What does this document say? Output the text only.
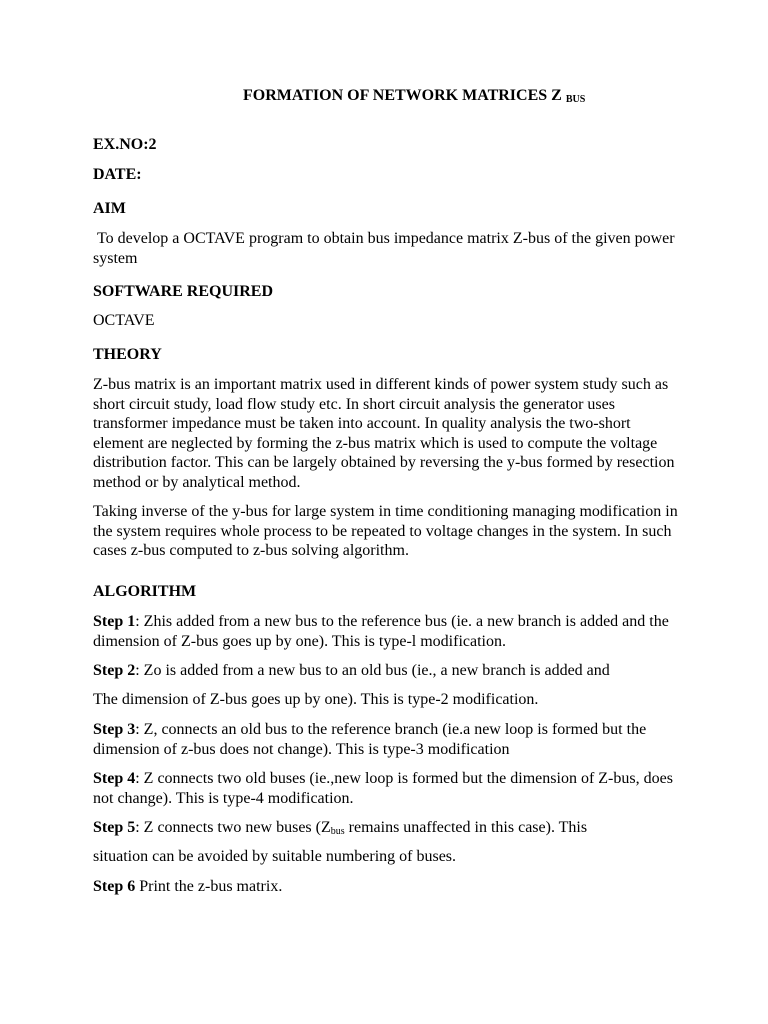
FORMATION OF NETWORK MATRICES Z $_{BUS}$

EX.NO:2

DATE:

AIM

To develop a OCTAVE program to obtain bus impedance matrix Z-bus of the given power system

SOFTWARE REQUIRED

OCTAVE

THEORY

Z-bus matrix is an important matrix used in different kinds of power system study such as short circuit study, load flow study etc. In short circuit analysis the generator uses transformer impedance must be taken into account. In quality analysis the two-short element are neglected by forming the z-bus matrix which is used to compute the voltage distribution factor. This can be largely obtained by reversing the y-bus formed by resection method or by analytical method.

Taking inverse of the y-bus for large system in time conditioning managing modification in the system requires whole process to be repeated to voltage changes in the system. In such cases z-bus computed to z-bus solving algorithm.

ALGORITHM

Step 1: Zhis added from a new bus to the reference bus (ie. a new branch is added and the dimension of Z-bus goes up by one). This is type-l modification.

Step 2: Zo is added from a new bus to an old bus (ie., a new branch is added and

The dimension of Z-bus goes up by one). This is type-2 modification.

Step 3: Z, connects an old bus to the reference branch (ie.a new loop is formed but the dimension of z-bus does not change). This is type-3 modification

Step 4: Z connects two old buses (ie.,new loop is formed but the dimension of Z-bus, does not change). This is type-4 modification.

Step 5: Z connects two new buses ($Z_{bus}$ remains unaffected in this case). This

situation can be avoided by suitable numbering of buses.

Step 6 Print the z-bus matrix.
